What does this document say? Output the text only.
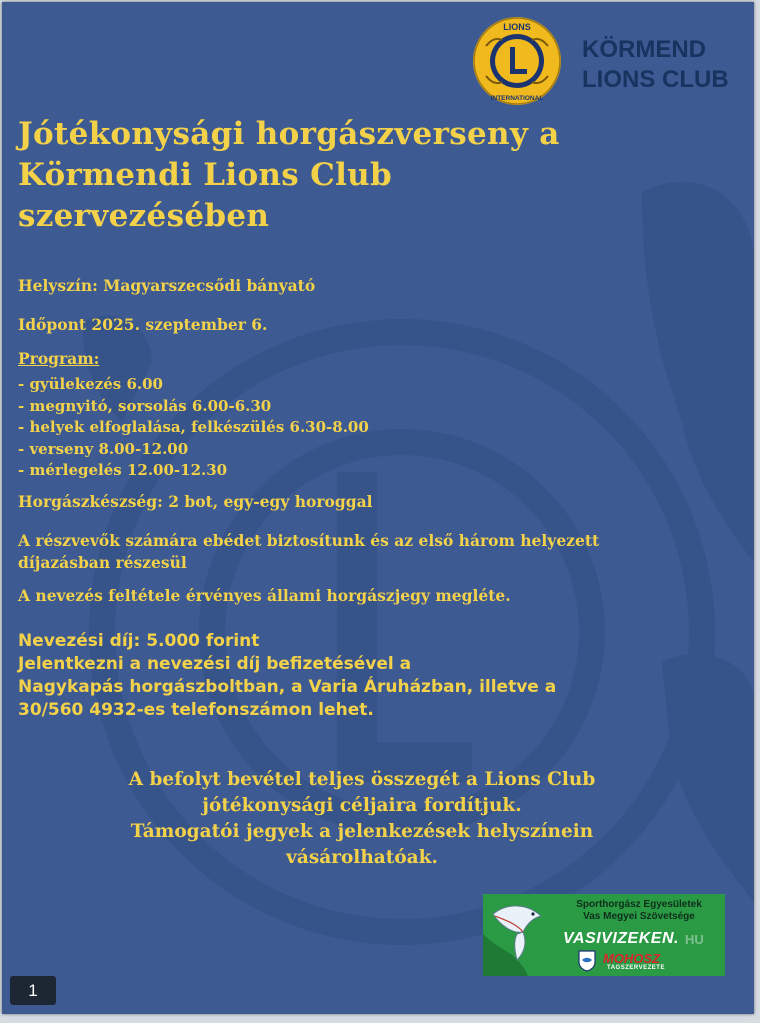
LIONS
INTERNATIONAL
KÖRMEND
LIONS CLUB
Jótékonysági horgászverseny a
Körmendi Lions Club
szervezésében
Helyszín: Magyarszecsődi bányató
Időpont 2025. szeptember 6.
Program:
- gyülekezés 6.00
- megnyitó, sorsolás 6.00-6.30
- helyek elfoglalása, felkészülés 6.30-8.00
- verseny 8.00-12.00
- mérlegelés 12.00-12.30
Horgászkészség: 2 bot, egy-egy horoggal
A részvevők számára ebédet biztosítunk és az első három helyezett
díjazásban részesül
A nevezés feltétele érvényes állami horgászjegy megléte.
Nevezési díj: 5.000 forint
Jelentkezni a nevezési díj befizetésével a
Nagykapás horgászboltban, a Varia Áruházban, illetve a
30/560 4932-es telefonszámon lehet.
A befolyt bevétel teljes összegét a Lions Club
jótékonysági céljaira fordítjuk.
Támogatói jegyek a jelenkezések helyszínein
vásárolhatóak.
Sporthorgász Egyesületek
Vas Megyei Szövetsége
VASIVIZEKEN. HU
MOHOSZ
TAGSZERVEZETE
1
